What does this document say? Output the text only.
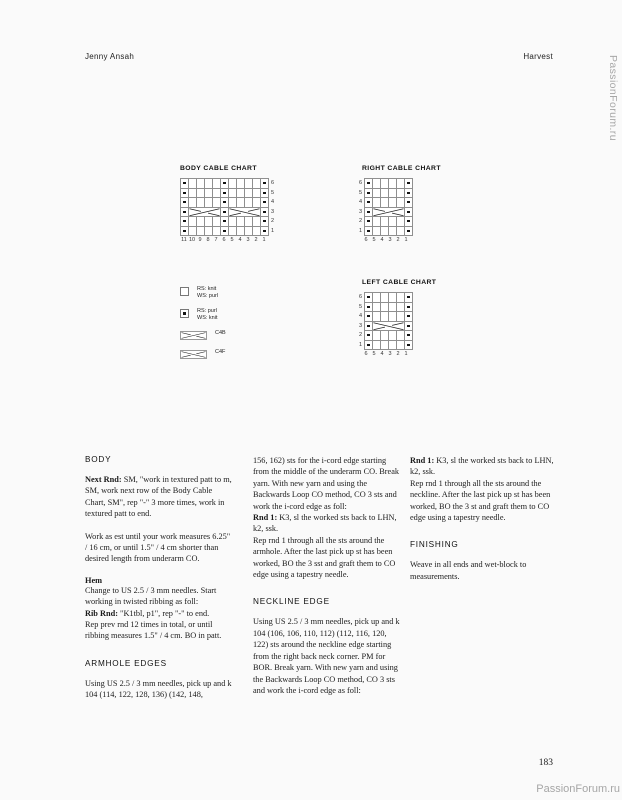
Jenny Ansah	Harvest
BODY CABLE CHART
6
5
4
3
2
1
11 10 9 8 7 6 5 4 3 2 1
RIGHT CABLE CHART
6
5
4
3
2
1
6 5 4 3 2 1
LEFT CABLE CHART
6
5
4
3
2
1
6 5 4 3 2 1
RS: knit
WS: purl
RS: purl
WS: knit
C4B
C4F
BODY

Next Rnd: SM, "work in textured patt to m, SM, work next row of the Body Cable Chart, SM", rep "-" 3 more times, work in textured patt to end.

Work as est until your work measures 6.25" / 16 cm, or until 1.5" / 4 cm shorter than desired length from underarm CO.

Hem

Change to US 2.5 / 3 mm needles. Start working in twisted ribbing as foll:

Rib Rnd: "K1tbl, p1", rep "-" to end.

Rep prev rnd 12 times in total, or until ribbing measures 1.5" / 4 cm. BO in patt.

ARMHOLE EDGES

Using US 2.5 / 3 mm needles, pick up and k 104 (114, 122, 128, 136) (142, 148,

156, 162) sts for the i-cord edge starting from the middle of the underarm CO. Break yarn. With new yarn and using the Backwards Loop CO method, CO 3 sts and work the i-cord edge as foll:

Rnd 1: K3, sl the worked sts back to LHN, k2, ssk.

Rep rnd 1 through all the sts around the armhole. After the last pick up st has been worked, BO the 3 sst and graft them to CO edge using a tapestry needle.

NECKLINE EDGE

Using US 2.5 / 3 mm needles, pick up and k 104 (106, 106, 110, 112) (112, 116, 120, 122) sts around the neckline edge starting from the right back neck corner. PM for BOR. Break yarn. With new yarn and using the Backwards Loop CO method, CO 3 sts and work the i-cord edge as foll:

Rnd 1: K3, sl the worked sts back to LHN, k2, ssk.

Rep rnd 1 through all the sts around the neckline. After the last pick up st has been worked, BO the 3 st and graft them to CO edge using a tapestry needle.

FINISHING

Weave in all ends and wet-block to measurements.

183
PassionForum.ru
PassionForum.ru
